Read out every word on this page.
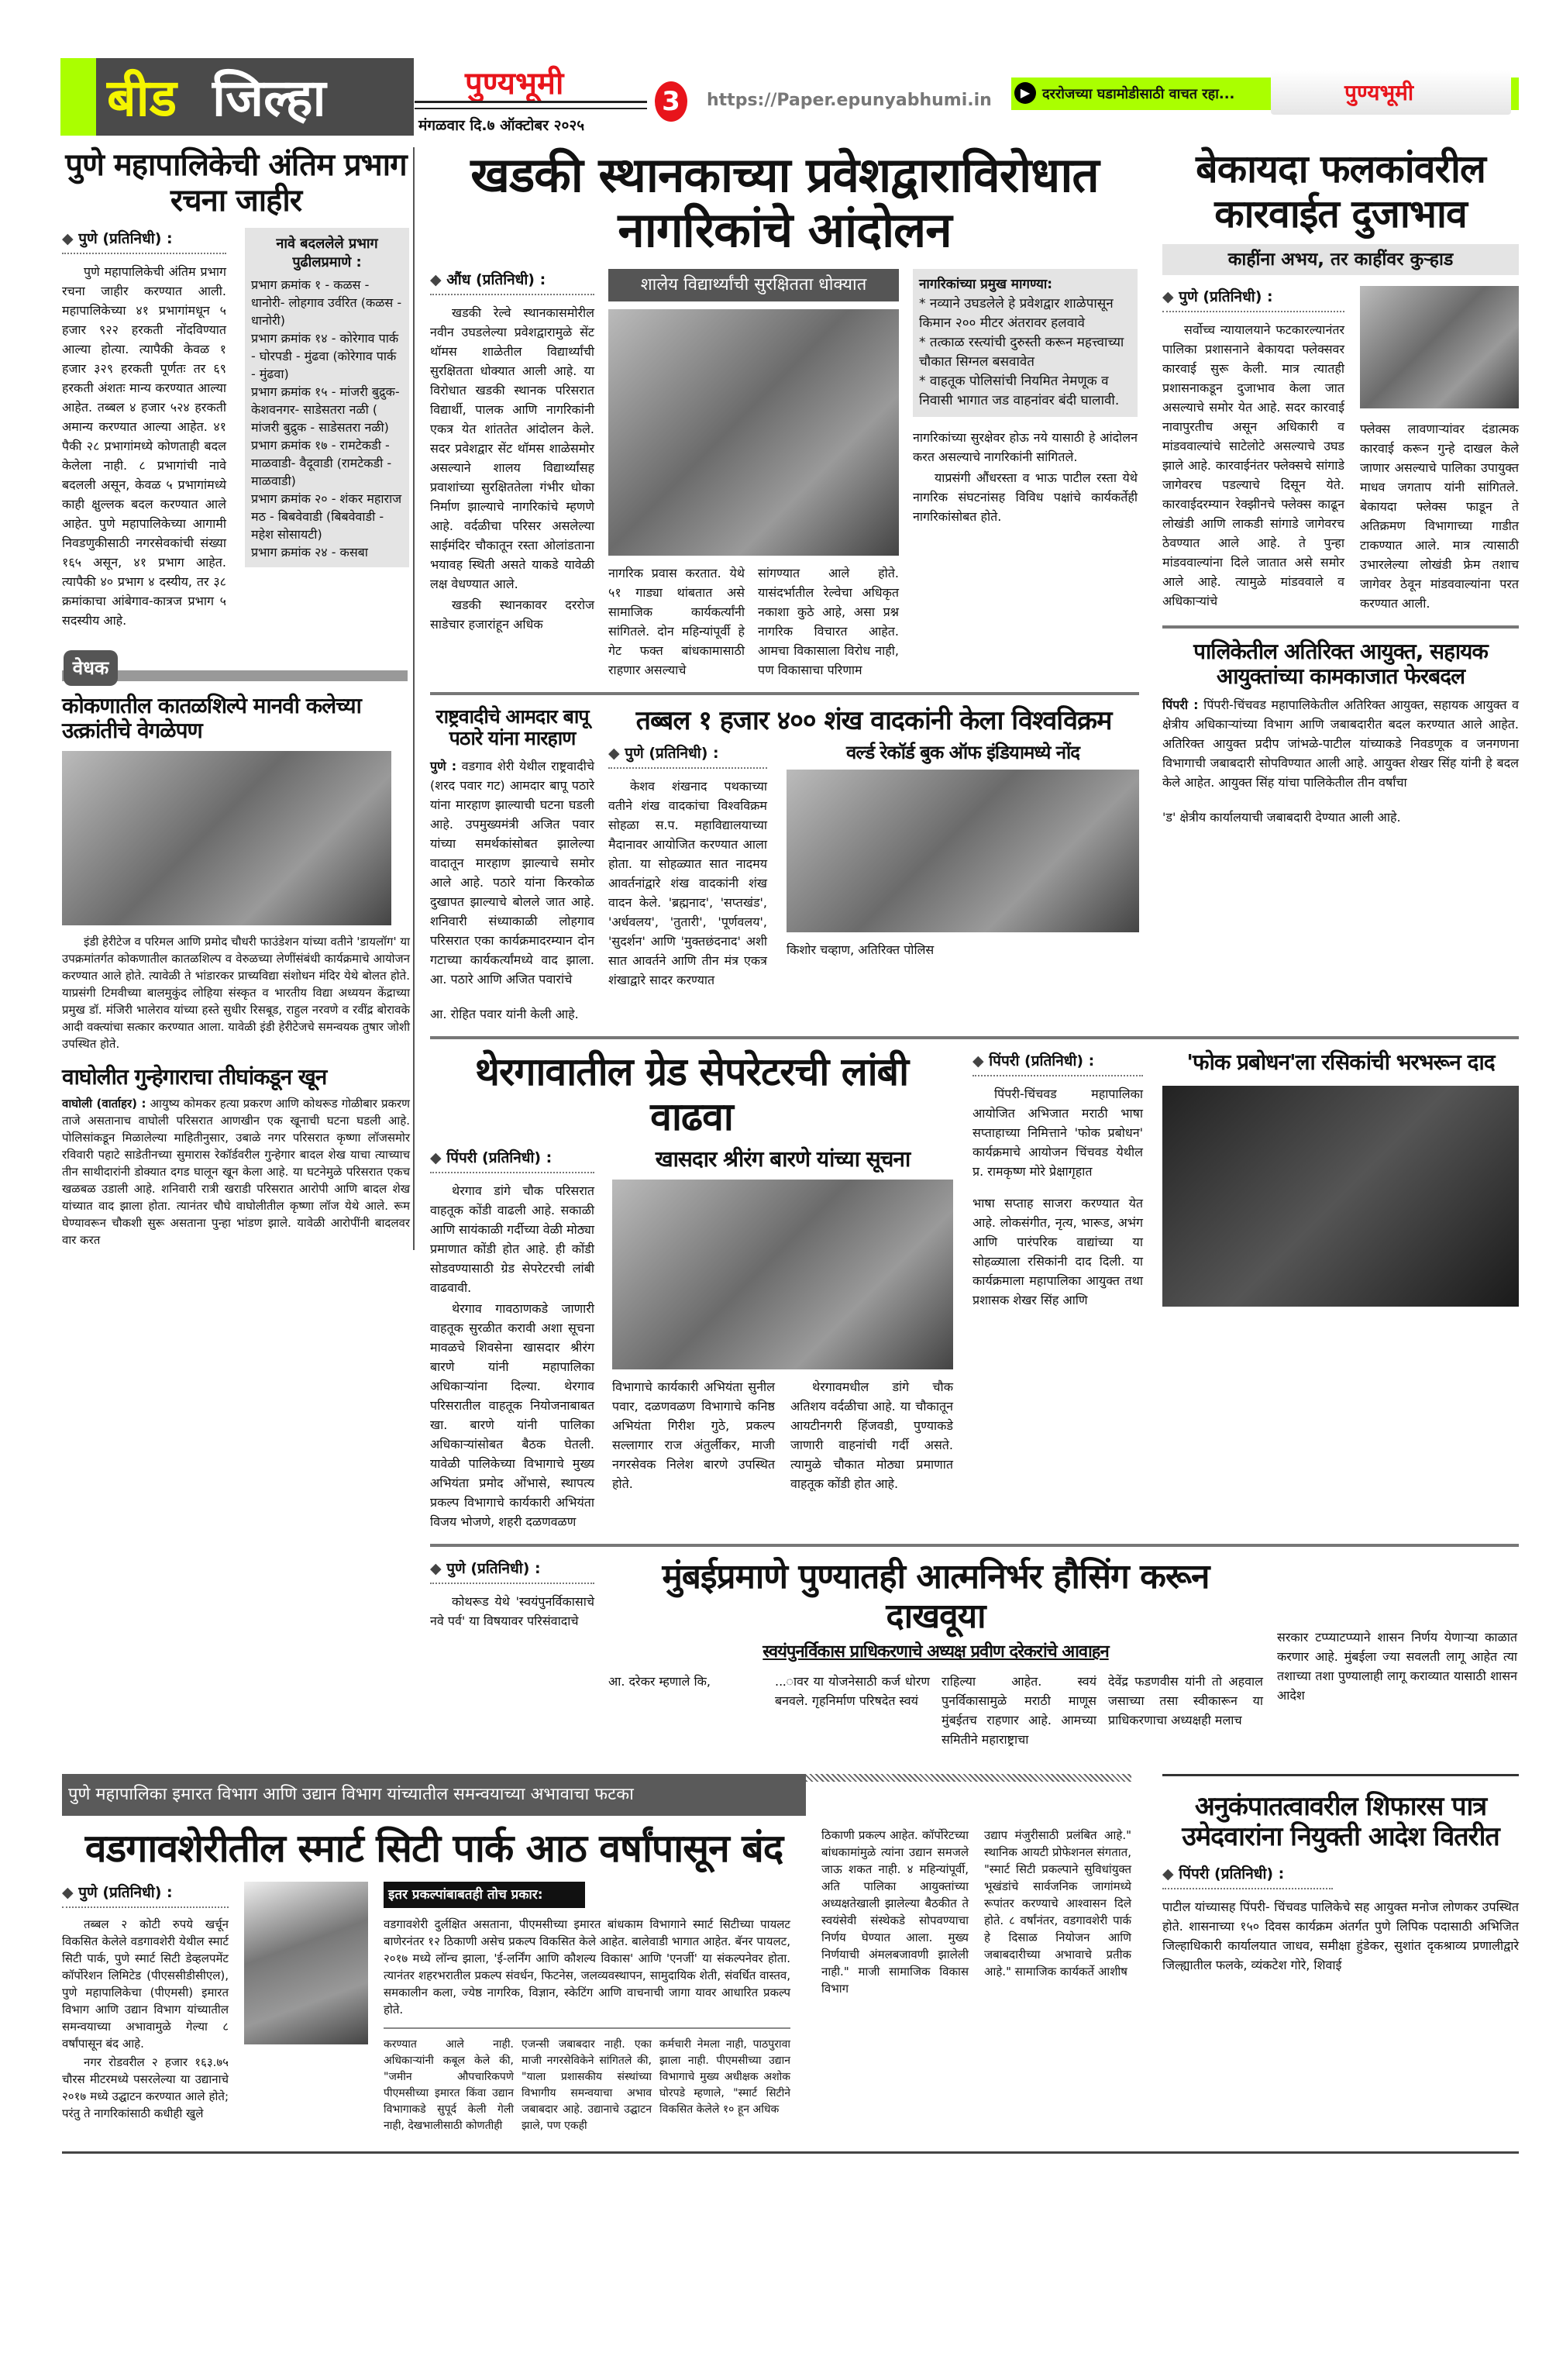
बीड जिल्हा	पुण्यभूमी
मंगळवार दि.७ ऑक्टोबर २०२५
3	https://Paper.epunyabhumi.in	▶ दररोजच्या घडामोडीसाठी वाचत रहा...	पुण्यभूमी
पुणे महापालिकेची अंतिम प्रभाग रचना जाहीर
◆ पुणे (प्रतिनिधी) :

पुणे महापालिकेची अंतिम प्रभाग रचना जाहीर करण्यात आली. महापालिकेच्या ४१ प्रभागांमधून ५ हजार ९२२ हरकती नोंदविण्यात आल्या होत्या. त्यापैकी केवळ १ हजार ३२९ हरकती पूर्णतः तर ६९ हरकती अंशतः मान्य करण्यात आल्या आहेत. तब्बल ४ हजार ५२४ हरकती अमान्य करण्यात आल्या आहेत. ४१ पैकी २८ प्रभागांमध्ये कोणताही बदल केलेला नाही. ८ प्रभागांची नावे बदलली असून, केवळ ५ प्रभागांमध्ये काही क्षुल्लक बदल करण्यात आले आहेत. पुणे महापालिकेच्या आगामी निवडणुकीसाठी नगरसेवकांची संख्या १६५ असून, ४१ प्रभाग आहेत. त्यापैकी ४० प्रभाग ४ दस्यीय, तर ३८ क्रमांकाचा आंबेगाव-कात्रज प्रभाग ५ सदस्यीय आहे.

नावे बदललेले प्रभाग पुढीलप्रमाणे :
प्रभाग क्रमांक १ - कळस - धानोरी- लोहगाव उर्वरित (कळस - धानोरी)
प्रभाग क्रमांक १४ - कोरेगाव पार्क - घोरपडी - मुंढवा (कोरेगाव पार्क - मुंढवा)
प्रभाग क्रमांक १५ - मांजरी बुद्रुक- केशवनगर- साडेसतरा नळी ( मांजरी बुद्रुक - साडेसतरा नळी)
प्रभाग क्रमांक १७ - रामटेकडी - माळवाडी- वैदूवाडी (रामटेकडी - माळवाडी)
प्रभाग क्रमांक २० - शंकर महाराज मठ - बिबवेवाडी (बिबवेवाडी - महेश सोसायटी)
प्रभाग क्रमांक २४ - कसबा
वेधक
कोकणातील कातळशिल्पे मानवी कलेच्या उत्क्रांतीचे वेगळेपण

इंडी हेरीटेज व परिमल आणि प्रमोद चौधरी फाउंडेशन यांच्या वतीने 'डायलॉग' या उपक्रमांतर्गत कोकणातील कातळशिल्प व वेरुळच्या लेणींसंबंधी कार्यक्रमाचे आयोजन करण्यात आले होते. त्यावेळी ते भांडारकर प्राच्यविद्या संशोधन मंदिर येथे बोलत होते. याप्रसंगी टिमवीच्या बालमुकुंद लोहिया संस्कृत व भारतीय विद्या अध्ययन केंद्राच्या प्रमुख डॉ. मंजिरी भालेराव यांच्या हस्ते सुधीर रिसबूड, राहुल नरवणे व रवींद्र बोरावके आदी वक्त्यांचा सत्कार करण्यात आला. यावेळी इंडी हेरीटेजचे समन्वयक तुषार जोशी उपस्थित होते.

वाघोलीत गुन्हेगाराचा तीघांकडून खून

वाघोली (वार्ताहर) : आयुष्य कोमकर हत्या प्रकरण आणि कोथरूड गोळीबार प्रकरण ताजे असतानाच वाघोली परिसरात आणखीन एक खूनाची घटना घडली आहे. पोलिसांकडून मिळालेल्या माहितीनुसार, उबाळे नगर परिसरात कृष्णा लॉजसमोर रविवारी पहाटे साडेतीनच्या सुमारास रेकॉर्डवरील गुन्हेगार बादल शेख याचा त्याच्याच तीन साथीदारांनी डोक्यात दगड घालून खून केला आहे. या घटनेमुळे परिसरात एकच खळबळ उडाली आहे. शनिवारी रात्री खराडी परिसरात आरोपी आणि बादल शेख यांच्यात वाद झाला होता. त्यानंतर चौघे वाघोलीतील कृष्णा लॉज येथे आले. रूम घेण्यावरून चौकशी सुरू असताना पुन्हा भांडण झाले. यावेळी आरोपींनी बादलवर वार करत

खडकी स्थानकाच्या प्रवेशद्वाराविरोधात नागरिकांचे आंदोलन
◆ औंध (प्रतिनिधी) :

खडकी रेल्वे स्थानकासमोरील नवीन उघडलेल्या प्रवेशद्वारामुळे सेंट थॉमस शाळेतील विद्यार्थ्यांची सुरक्षितता धोक्यात आली आहे. या विरोधात खडकी स्थानक परिसरात विद्यार्थी, पालक आणि नागरिकांनी एकत्र येत शांततेत आंदोलन केले. सदर प्रवेशद्वार सेंट थॉमस शाळेसमोर असल्याने शालय विद्यार्थ्यांसह प्रवाशांच्या सुरक्षिततेला गंभीर धोका निर्माण झाल्याचे नागरिकांचे म्हणणे आहे. वर्दळीचा परिसर असलेल्या साईमंदिर चौकातून रस्ता ओलांडताना भयावह स्थिती असते याकडे यावेळी लक्ष वेधण्यात आले.

खडकी स्थानकावर दररोज साडेचार हजारांहून अधिक

शालेय विद्यार्थ्यांची सुरक्षितता धोक्यात

नागरिक प्रवास करतात. येथे ५१ गाड्या थांबतात असे सामाजिक कार्यकर्त्यांनी सांगितले. दोन महिन्यांपूर्वी हे गेट फक्त बांधकामासाठी राहणार असल्याचे

सांगण्यात आले होते. यासंदर्भातील रेल्वेचा अधिकृत नकाशा कुठे आहे, असा प्रश्न नागरिक विचारत आहेत. आमचा विकासाला विरोध नाही, पण विकासाचा परिणाम

नागरिकांच्या प्रमुख मागण्या:
* नव्याने उघडलेले हे प्रवेशद्वार शाळेपासून किमान २०० मीटर अंतरावर हलवावे
* तत्काळ रस्त्यांची दुरुस्ती करून महत्त्वाच्या चौकात सिग्नल बसवावेत
* वाहतूक पोलिसांची नियमित नेमणूक व निवासी भागात जड वाहनांवर बंदी घालावी.

नागरिकांच्या सुरक्षेवर होऊ नये यासाठी हे आंदोलन करत असल्याचे नागरिकांनी सांगितले.

याप्रसंगी औंधरस्ता व भाऊ पाटील रस्ता येथे नागरिक संघटनांसह विविध पक्षांचे कार्यकर्तेही नागरिकांसोबत होते.

राष्ट्रवादीचे आमदार बापू पठारे यांना मारहाण

पुणे : वडगाव शेरी येथील राष्ट्रवादीचे (शरद पवार गट) आमदार बापू पठारे यांना मारहाण झाल्याची घटना घडली आहे. उपमुख्यमंत्री अजित पवार यांच्या समर्थकांसोबत झालेल्या वादातून मारहाण झाल्याचे समोर आले आहे. पठारे यांना किरकोळ दुखापत झाल्याचे बोलले जात आहे. शनिवारी संध्याकाळी लोहगाव परिसरात एका कार्यक्रमादरम्यान दोन गटाच्या कार्यकर्त्यांमध्ये वाद झाला. आ. पठारे आणि अजित पवारांचे

आ. रोहित पवार यांनी केली आहे.

तब्बल १ हजार ४०० शंख वादकांनी केला विश्वविक्रम
◆ पुणे (प्रतिनिधी) :

केशव शंखनाद पथकाच्या वतीने शंख वादकांचा विश्वविक्रम सोहळा स.प. महाविद्यालयाच्या मैदानावर आयोजित करण्यात आला होता. या सोहळ्यात सात नादमय आवर्तनांद्वारे शंख वादकांनी शंख वादन केले. 'ब्रह्मनाद', 'सप्तखंड', 'अर्धवलय', 'तुतारी', 'पूर्णवलय', 'सुदर्शन' आणि 'मुक्तछंदनाद' अशी सात आवर्तने आणि तीन मंत्र एकत्र शंखाद्वारे सादर करण्यात

वर्ल्ड रेकॉर्ड बुक ऑफ इंडियामध्ये नोंद

किशोर चव्हाण, अतिरिक्त पोलिस

बेकायदा फलकांवरील कारवाईत दुजाभाव
काहींना अभय, तर काहींवर कुऱ्हाड
◆ पुणे (प्रतिनिधी) :

सर्वोच्च न्यायालयाने फटकारल्यानंतर पालिका प्रशासनाने बेकायदा फ्लेक्सवर कारवाई सुरू केली. मात्र त्यातही प्रशासनाकडून दुजाभाव केला जात असल्याचे समोर येत आहे. सदर कारवाई नावापुरतीच असून अधिकारी व मांडववाल्यांचे साटेलोटे असल्याचे उघड झाले आहे. कारवाईनंतर फ्लेक्सचे सांगाडे जागेवरच पडल्याचे दिसून येते. कारवाईदरम्यान रेक्झीनचे फ्लेक्स काढून लोखंडी आणि लाकडी सांगाडे जागेवरच ठेवण्यात आले आहे. ते पुन्हा मांडववाल्यांना दिले जातात असे समोर आले आहे. त्यामुळे मांडववाले व अधिकाऱ्यांचे

फ्लेक्स लावणाऱ्यांवर दंडात्मक कारवाई करून गुन्हे दाखल केले जाणार असल्याचे पालिका उपायुक्त माधव जगताप यांनी सांगितले. बेकायदा फ्लेक्स फाडून ते अतिक्रमण विभागाच्या गाडीत टाकण्यात आले. मात्र त्यासाठी उभारलेल्या लोखंडी फ्रेम तशाच जागेवर ठेवून मांडववाल्यांना परत करण्यात आली.

पालिकेतील अतिरिक्त आयुक्त, सहायक आयुक्तांच्या कामकाजात फेरबदल

पिंपरी : पिंपरी-चिंचवड महापालिकेतील अतिरिक्त आयुक्त, सहायक आयुक्त व क्षेत्रीय अधिकाऱ्यांच्या विभाग आणि जबाबदारीत बदल करण्यात आले आहेत. अतिरिक्त आयुक्त प्रदीप जांभळे-पाटील यांच्याकडे निवडणूक व जनगणना विभागाची जबाबदारी सोपविण्यात आली आहे. आयुक्त शेखर सिंह यांनी हे बदल केले आहेत. आयुक्त सिंह यांचा पालिकेतील तीन वर्षांचा

'ड' क्षेत्रीय कार्यालयाची जबाबदारी देण्यात आली आहे.

थेरगावातील ग्रेड सेपरेटरची लांबी वाढवा
◆ पिंपरी (प्रतिनिधी) :

थेरगाव डांगे चौक परिसरात वाहतूक कोंडी वाढली आहे. सकाळी आणि सायंकाळी गर्दीच्या वेळी मोठ्या प्रमाणात कोंडी होत आहे. ही कोंडी सोडवण्यासाठी ग्रेड सेपरेटरची लांबी वाढवावी.

थेरगाव गावठाणकडे जाणारी वाहतूक सुरळीत करावी अशा सूचना मावळचे शिवसेना खासदार श्रीरंग बारणे यांनी महापालिका अधिकाऱ्यांना दिल्या. थेरगाव परिसरातील वाहतूक नियोजनाबाबत खा. बारणे यांनी पालिका अधिकाऱ्यांसोबत बैठक घेतली. यावेळी पालिकेच्या विभागाचे मुख्य अभियंता प्रमोद ओंभासे, स्थापत्य प्रकल्प विभागाचे कार्यकारी अभियंता विजय भोजणे, शहरी दळणवळण

खासदार श्रीरंग बारणे यांच्या सूचना

विभागाचे कार्यकारी अभियंता सुनील पवार, दळणवळण विभागाचे कनिष्ठ अभियंता गिरीश गुठे, प्रकल्प सल्लागार राज अंतुर्लीकर, माजी नगरसेवक निलेश बारणे उपस्थित होते.

थेरगावमधील डांगे चौक अतिशय वर्दळीचा आहे. या चौकातून आयटीनगरी हिंजवडी, पुण्याकडे जाणारी वाहनांची गर्दी असते. त्यामुळे चौकात मोठ्या प्रमाणात वाहतूक कोंडी होत आहे.

◆ पिंपरी (प्रतिनिधी) :

पिंपरी-चिंचवड महापालिका आयोजित अभिजात मराठी भाषा सप्ताहाच्या निमित्ताने 'फोक प्रबोधन' कार्यक्रमाचे आयोजन चिंचवड येथील प्र. रामकृष्ण मोरे प्रेक्षागृहात

भाषा सप्ताह साजरा करण्यात येत आहे. लोकसंगीत, नृत्य, भारूड, अभंग आणि पारंपरिक वाद्यांच्या या सोहळ्याला रसिकांनी दाद दिली. या कार्यक्रमाला महापालिका आयुक्त तथा प्रशासक शेखर सिंह आणि

'फोक प्रबोधन'ला रसिकांची भरभरून दाद
◆ पुणे (प्रतिनिधी) :

कोथरूड येथे 'स्वयंपुनर्विकासाचे नवे पर्व' या विषयावर परिसंवादाचे

मुंबईप्रमाणे पुण्यातही आत्मनिर्भर हौसिंग करून दाखवूया
स्वयंपुनर्विकास प्राधिकरणाचे अध्यक्ष प्रवीण दरेकरांचे आवाहन

आ. दरेकर म्हणाले कि,	...ावर या योजनेसाठी कर्ज धोरण बनवले. गृहनिर्माण परिषदेत स्वयं

राहिल्या आहेत. स्वयं पुनर्विकासामुळे मराठी माणूस मुंबईतच राहणार आहे. आमच्या समितीने महाराष्ट्राचा

देवेंद्र फडणवीस यांनी तो अहवाल जसाच्या तसा स्वीकारून या प्राधिकरणाचा अध्यक्षही मलाच

सरकार टप्प्याटप्प्याने शासन निर्णय येणाऱ्या काळात करणार आहे. मुंबईला ज्या सवलती लागू आहेत त्या तशाच्या तशा पुण्यालाही लागू कराव्यात यासाठी शासन आदेश

पुणे महापालिका इमारत विभाग आणि उद्यान विभाग यांच्यातील समन्वयाच्या अभावाचा फटका
वडगावशेरीतील स्मार्ट सिटी पार्क आठ वर्षांपासून बंद
◆ पुणे (प्रतिनिधी) :

तब्बल २ कोटी रुपये खर्चून विकसित केलेले वडगावशेरी येथील स्मार्ट सिटी पार्क, पुणे स्मार्ट सिटी डेव्हलपमेंट कॉर्पोरेशन लिमिटेड (पीएससीडीसीएल), पुणे महापालिकेचा (पीएमसी) इमारत विभाग आणि उद्यान विभाग यांच्यातील समन्वयाच्या अभावामुळे गेल्या ८ वर्षांपासून बंद आहे.

नगर रोडवरील २ हजार १६३.७५ चौरस मीटरमध्ये पसरलेल्या या उद्यानाचे २०१७ मध्ये उद्घाटन करण्यात आले होते; परंतु ते नागरिकांसाठी कधीही खुले

इतर प्रकल्पांबाबतही तोच प्रकार:

वडगावशेरी दुर्लक्षित असताना, पीएमसीच्या इमारत बांधकाम विभागाने स्मार्ट सिटीच्या पायलट बाणेरनंतर १२ ठिकाणी असेच प्रकल्प विकसित केले आहेत. बालेवाडी भागात आहेत. बॅनर पायलट, २०१७ मध्ये लॉन्च झाला, 'ई-लर्निंग आणि कौशल्य विकास' आणि 'एनर्जी' या संकल्पनेवर होता. त्यानंतर शहरभरातील प्रकल्प संवर्धन, फिटनेस, जलव्यवस्थापन, सामुदायिक शेती, संवर्धित वास्तव, समकालीन कला, ज्येष्ठ नागरिक, विज्ञान, स्केटिंग आणि वाचनाची जागा यावर आधारित प्रकल्प होते.

करण्यात आले नाही. अधिकाऱ्यांनी कबूल केले की, "जमीन औपचारिकपणे पीएमसीच्या इमारत किंवा उद्यान विभागाकडे सुपूर्द केली गेली नाही, देखभालीसाठी कोणतीही

एजन्सी जबाबदार नाही. एका माजी नगरसेविकेने सांगितले की, "याला प्रशासकीय संस्थांच्या विभागीय समन्वयाचा अभाव जबाबदार आहे. उद्यानाचे उद्घाटन झाले, पण एकही

कर्मचारी नेमला नाही, पाठपुरावा झाला नाही. पीएमसीच्या उद्यान विभागाचे मुख्य अधीक्षक अशोक घोरपडे म्हणाले, "स्मार्ट सिटीने विकसित केलेले १० हून अधिक

ठिकाणी प्रकल्प आहेत. कॉर्पोरेटच्या बांधकामांमुळे त्यांना उद्यान समजले जाऊ शकत नाही. ४ महिन्यांपूर्वी, अति पालिका आयुक्तांच्या अध्यक्षतेखाली झालेल्या बैठकीत ते स्वयंसेवी संस्थेकडे सोपवण्याचा निर्णय घेण्यात आला. मुख्य निर्णयाची अंमलबजावणी झालेली नाही." माजी सामाजिक विकास विभाग

उद्याप मंजुरीसाठी प्रलंबित आहे." स्थानिक आयटी प्रोफेशनल संगतात, "स्मार्ट सिटी प्रकल्पाने सुविधांयुक्त भूखंडांचे सार्वजनिक जागांमध्ये रूपांतर करण्याचे आश्वासन दिले होते. ८ वर्षांनंतर, वडगावशेरी पार्क हे दिसाळ नियोजन आणि जबाबदारीच्या अभावाचे प्रतीक आहे." सामाजिक कार्यकर्ते आशीष

अनुकंपातत्वावरील शिफारस पात्र उमेदवारांना नियुक्ती आदेश वितरीत
◆ पिंपरी (प्रतिनिधी) :

पाटील यांच्यासह पिंपरी- चिंचवड पालिकेचे सह आयुक्त मनोज लोणकर उपस्थित होते. शासनाच्या १५० दिवस कार्यक्रम अंतर्गत पुणे लिपिक पदासाठी अभिजित जिल्हाधिकारी कार्यालयात जाधव, समीक्षा हुंडेकर, सुशांत दृकश्राव्य प्रणालीद्वारे जिल्ह्यातील फलके, व्यंकटेश गोरे, शिवाई
